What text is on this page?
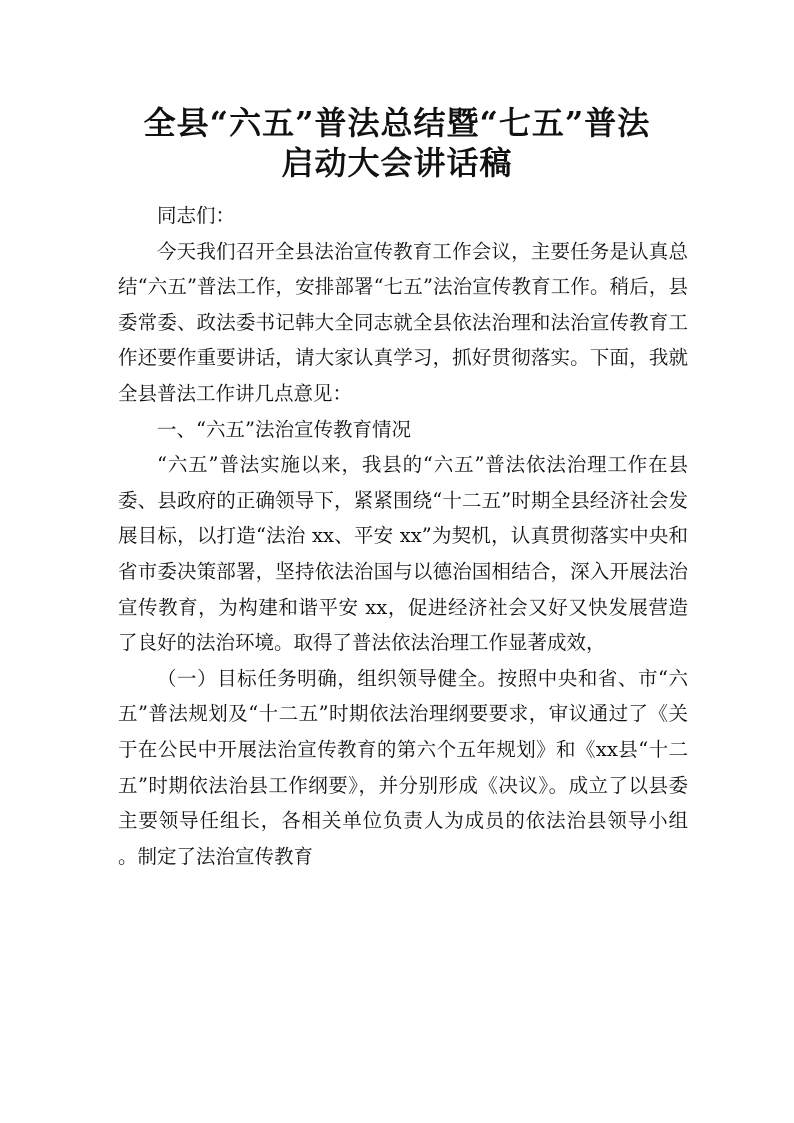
全县“六五”普法总结暨“七五”普法
启动大会讲话稿

同志们：

今天我们召开全县法治宣传教育工作会议，主要任务是认真总结“六五”普法工作，安排部署“七五”法治宣传教育工作。稍后，县委常委、政法委书记韩大全同志就全县依法治理和法治宣传教育工作还要作重要讲话，请大家认真学习，抓好贯彻落实。下面，我就全县普法工作讲几点意见：

一、“六五”法治宣传教育情况

“六五”普法实施以来，我县的“六五”普法依法治理工作在县委、县政府的正确领导下，紧紧围绕“十二五”时期全县经济社会发展目标，以打造“法治 xx、平安 xx”为契机，认真贯彻落实中央和省市委决策部署，坚持依法治国与以德治国相结合，深入开展法治宣传教育，为构建和谐平安 xx，促进经济社会又好又快发展营造了良好的法治环境。取得了普法依法治理工作显著成效，

（一）目标任务明确，组织领导健全。按照中央和省、市“六五”普法规划及“十二五”时期依法治理纲要要求，审议通过了《关于在公民中开展法治宣传教育的第六个五年规划》和《xx县“十二五”时期依法治县工作纲要》，并分别形成《决议》。成立了以县委主要领导任组长，各相关单位负责人为成员的依法治县领导小组 。制定了法治宣传教育
